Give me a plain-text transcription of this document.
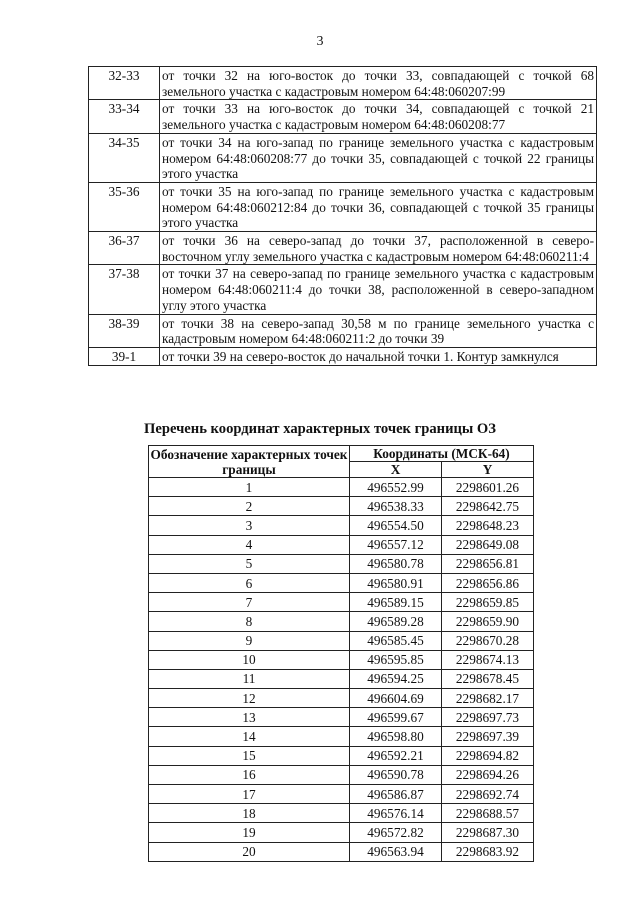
3
32-33	от точки 32 на юго-восток до точки 33, совпадающей с точкой 68 земельного участка с кадастровым номером 64:48:060207:99
33-34	от точки 33 на юго-восток до точки 34, совпадающей с точкой 21 земельного участка с кадастровым номером 64:48:060208:77
34-35	от точки 34 на юго-запад по границе земельного участка с кадастровым номером 64:48:060208:77 до точки 35, совпадающей с точкой 22 границы этого участка
35-36	от точки 35 на юго-запад по границе земельного участка с кадастровым номером 64:48:060212:84 до точки 36, совпадающей с точкой 35 границы этого участка
36-37	от точки 36 на северо-запад до точки 37, расположенной в северо-восточном углу земельного участка с кадастровым номером 64:48:060211:4
37-38	от точки 37 на северо-запад по границе земельного участка с кадастровым номером 64:48:060211:4 до точки 38, расположенной в северо-западном углу этого участка
38-39	от точки 38 на северо-запад 30,58 м по границе земельного участка с кадастровым номером 64:48:060211:2 до точки 39
39-1	от точки 39 на северо-восток до начальной точки 1. Контур замкнулся
Перечень координат характерных точек границы ОЗ
Обозначение характерных точек границы	Координаты (МСК-64)	
	X	Y
1	496552.99	2298601.26
2	496538.33	2298642.75
3	496554.50	2298648.23
4	496557.12	2298649.08
5	496580.78	2298656.81
6	496580.91	2298656.86
7	496589.15	2298659.85
8	496589.28	2298659.90
9	496585.45	2298670.28
10	496595.85	2298674.13
11	496594.25	2298678.45
12	496604.69	2298682.17
13	496599.67	2298697.73
14	496598.80	2298697.39
15	496592.21	2298694.82
16	496590.78	2298694.26
17	496586.87	2298692.74
18	496576.14	2298688.57
19	496572.82	2298687.30
20	496563.94	2298683.92
